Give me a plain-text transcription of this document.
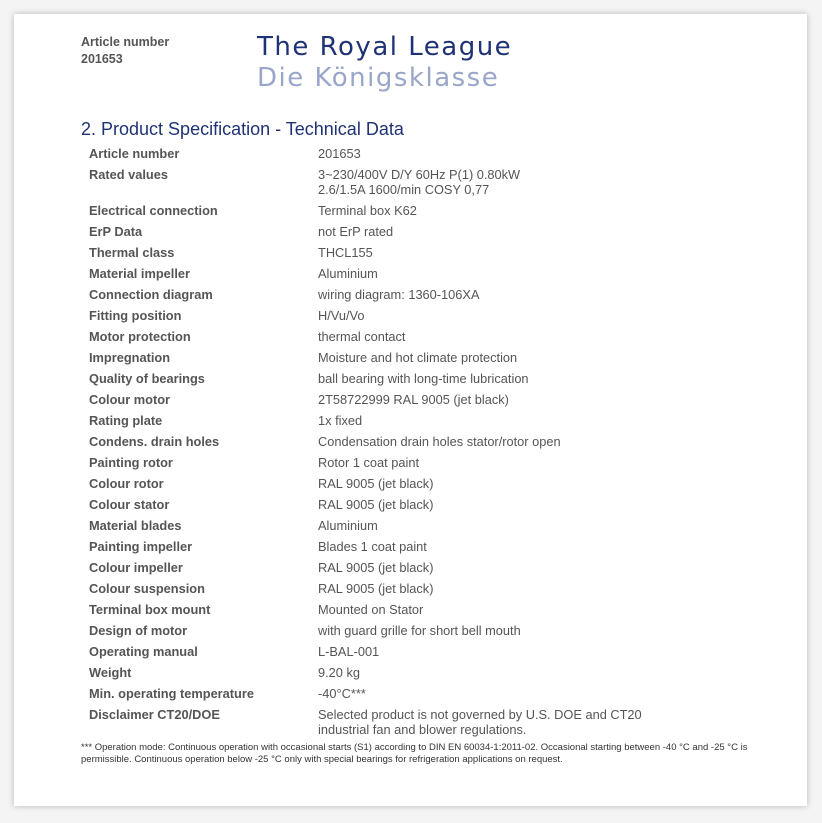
Article number
201653	The Royal League
Die Königsklasse
2. Product Specification - Technical Data
Article number	201653
Rated values	3~230/400V D/Y 60Hz P(1) 0.80kW
2.6/1.5A 1600/min COSY 0,77
Electrical connection	Terminal box K62
ErP Data	not ErP rated
Thermal class	THCL155
Material impeller	Aluminium
Connection diagram	wiring diagram: 1360-106XA
Fitting position	H/Vu/Vo
Motor protection	thermal contact
Impregnation	Moisture and hot climate protection
Quality of bearings	ball bearing with long-time lubrication
Colour motor	2T58722999 RAL 9005 (jet black)
Rating plate	1x fixed
Condens. drain holes	Condensation drain holes stator/rotor open
Painting rotor	Rotor 1 coat paint
Colour rotor	RAL 9005 (jet black)
Colour stator	RAL 9005 (jet black)
Material blades	Aluminium
Painting impeller	Blades 1 coat paint
Colour impeller	RAL 9005 (jet black)
Colour suspension	RAL 9005 (jet black)
Terminal box mount	Mounted on Stator
Design of motor	with guard grille for short bell mouth
Operating manual	L-BAL-001
Weight	9.20 kg
Min. operating temperature	-40°C***
Disclaimer CT20/DOE	Selected product is not governed by U.S. DOE and CT20
industrial fan and blower regulations.
*** Operation mode: Continuous operation with occasional starts (S1) according to DIN EN 60034-1:2011-02. Occasional starting between -40 °C and -25 °C is permissible. Continuous operation below -25 °C only with special bearings for refrigeration applications on request.
